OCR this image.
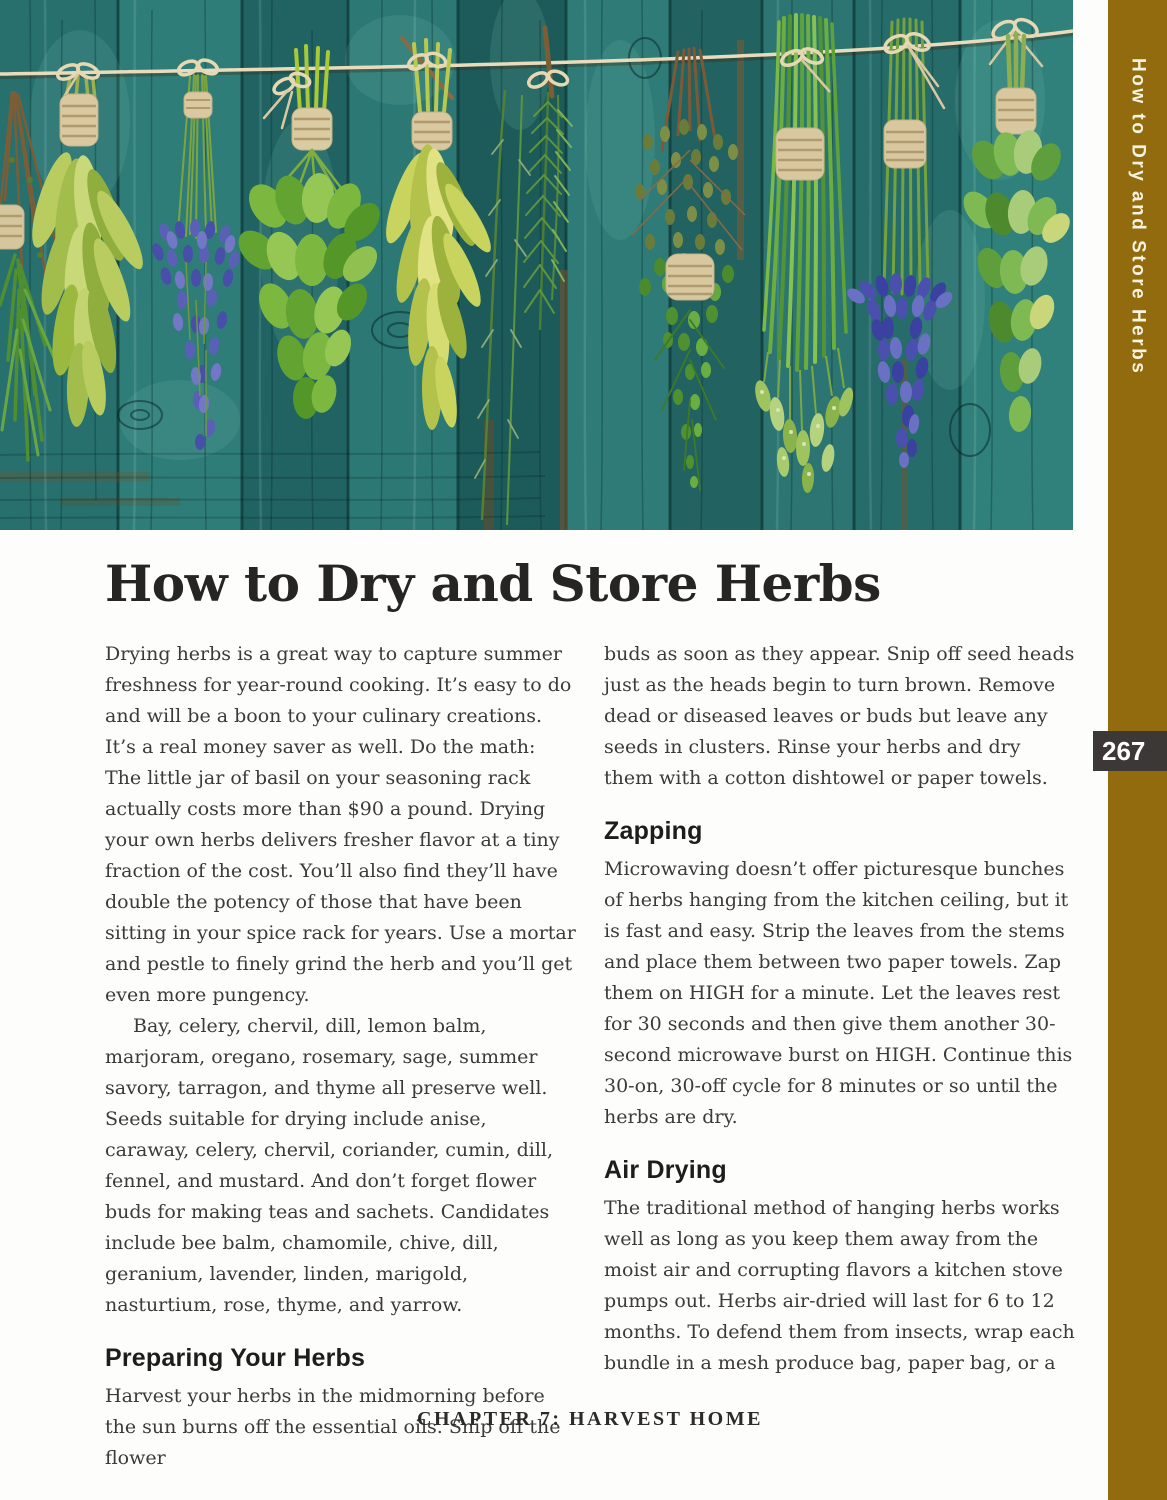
How to Dry and Store Herbs
267
How to Dry and Store Herbs

Drying herbs is a great way to capture summer freshness for year-round cooking. It’s easy to do and will be a boon to your culinary creations. It’s a real money saver as well. Do the math: The little jar of basil on your seasoning rack actually costs more than $90 a pound. Drying your own herbs delivers fresher flavor at a tiny fraction of the cost. You’ll also find they’ll have double the potency of those that have been sitting in your spice rack for years. Use a mortar and pestle to finely grind the herb and you’ll get even more pungency.

Bay, celery, chervil, dill, lemon balm, marjoram, oregano, rosemary, sage, summer savory, tarragon, and thyme all preserve well. Seeds suitable for drying include anise, caraway, celery, chervil, coriander, cumin, dill, fennel, and mustard. And don’t forget flower buds for making teas and sachets. Candidates include bee balm, chamomile, chive, dill, geranium, lavender, linden, marigold, nasturtium, rose, thyme, and yarrow.

Preparing Your Herbs

Harvest your herbs in the midmorning before the sun burns off the essential oils. Snip off the flower

buds as soon as they appear. Snip off seed heads just as the heads begin to turn brown. Remove dead or diseased leaves or buds but leave any seeds in clusters. Rinse your herbs and dry them with a cotton dishtowel or paper towels.

Zapping

Microwaving doesn’t offer picturesque bunches of herbs hanging from the kitchen ceiling, but it is fast and easy. Strip the leaves from the stems and place them between two paper towels. Zap them on HIGH for a minute. Let the leaves rest for 30 seconds and then give them another 30-second microwave burst on HIGH. Continue this 30-on, 30-off cycle for 8 minutes or so until the herbs are dry.

Air Drying

The traditional method of hanging herbs works well as long as you keep them away from the moist air and corrupting flavors a kitchen stove pumps out. Herbs air-dried will last for 6 to 12 months. To defend them from insects, wrap each bundle in a mesh produce bag, paper bag, or a

CHAPTER 7: HARVEST HOME
